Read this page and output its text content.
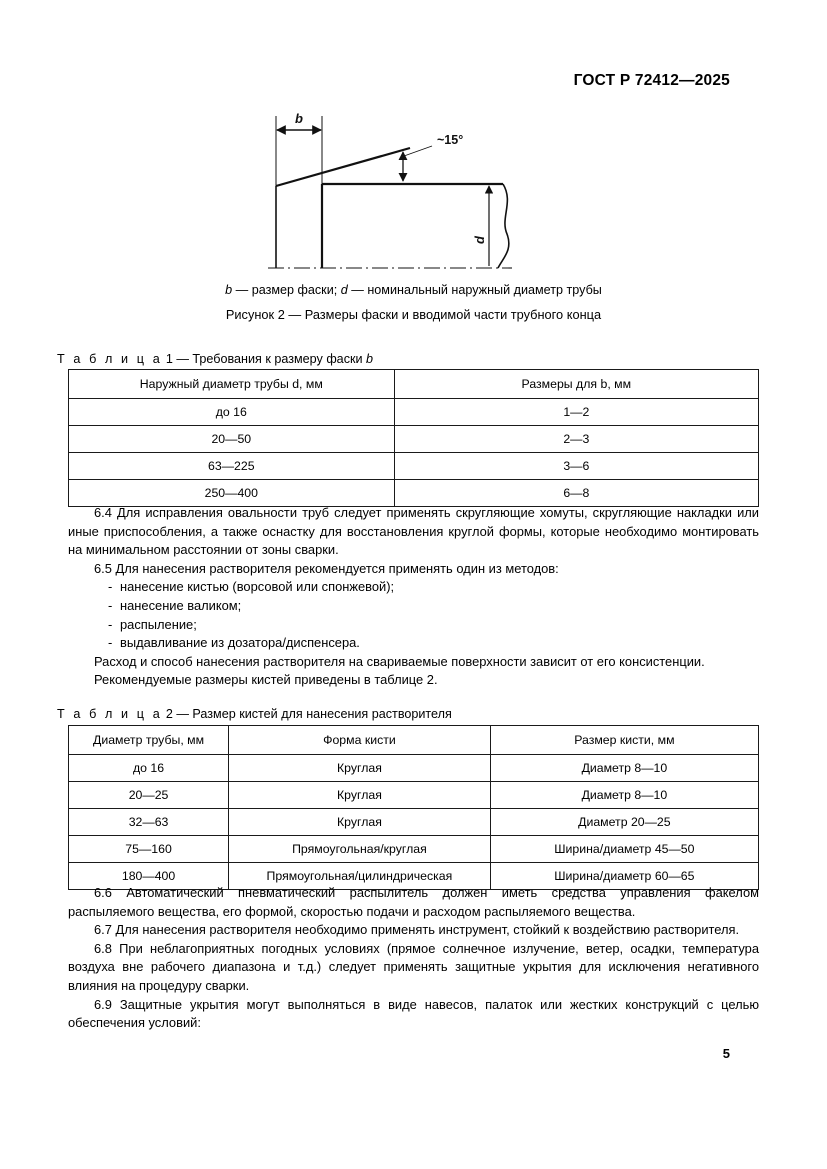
ГОСТ Р 72412—2025
b
~15°
d
b — размер фаски; d — номинальный наружный диаметр трубы
Рисунок 2 — Размеры фаски и вводимой части трубного конца
Т а б л и ц а 1 — Требования к размеру фаски b
Наружный диаметр трубы d, мм	Размеры для b, мм
до 16	1—2
20—50	2—3
63—225	3—6
250—400	6—8

6.4 Для исправления овальности труб следует применять скругляющие хомуты, скругляющие накладки или иные приспособления, а также оснастку для восстановления круглой формы, которые необходимо монтировать на минимальном расстоянии от зоны сварки.

6.5 Для нанесения растворителя рекомендуется применять один из методов:

- нанесение кистью (ворсовой или спонжевой);

- нанесение валиком;

- распыление;

- выдавливание из дозатора/диспенсера.

Расход и способ нанесения растворителя на свариваемые поверхности зависит от его консистенции.

Рекомендуемые размеры кистей приведены в таблице 2.

Т а б л и ц а 2 — Размер кистей для нанесения растворителя
Диаметр трубы, мм	Форма кисти	Размер кисти, мм
до 16	Круглая	Диаметр 8—10
20—25	Круглая	Диаметр 8—10
32—63	Круглая	Диаметр 20—25
75—160	Прямоугольная/круглая	Ширина/диаметр 45—50
180—400	Прямоугольная/цилиндрическая	Ширина/диаметр 60—65

6.6 Автоматический пневматический распылитель должен иметь средства управления факелом распыляемого вещества, его формой, скоростью подачи и расходом распыляемого вещества.

6.7 Для нанесения растворителя необходимо применять инструмент, стойкий к воздействию растворителя.

6.8 При неблагоприятных погодных условиях (прямое солнечное излучение, ветер, осадки, температура воздуха вне рабочего диапазона и т.д.) следует применять защитные укрытия для исключения негативного влияния на процедуру сварки.

6.9 Защитные укрытия могут выполняться в виде навесов, палаток или жестких конструкций с целью обеспечения условий:

5
